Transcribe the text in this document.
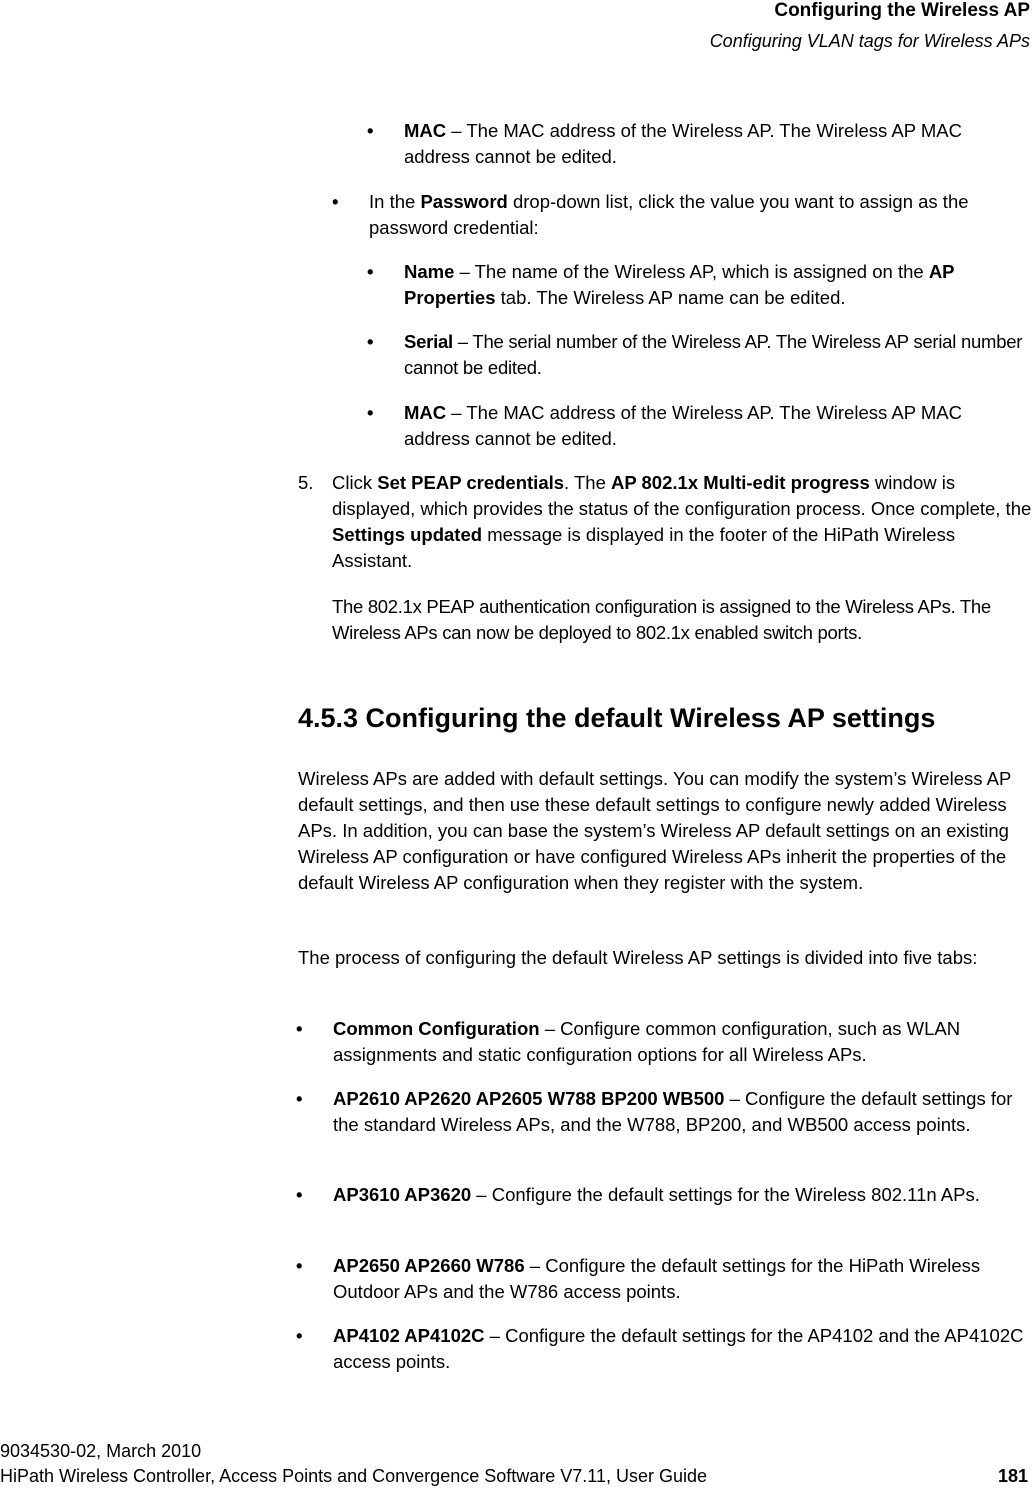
Configuring the Wireless AP
Configuring VLAN tags for Wireless APs
• MAC – The MAC address of the Wireless AP. The Wireless AP MAC address cannot be edited.
• In the Password drop-down list, click the value you want to assign as the password credential:
• Name – The name of the Wireless AP, which is assigned on the AP Properties tab. The Wireless AP name can be edited.
• Serial – The serial number of the Wireless AP. The Wireless AP serial number cannot be edited.
• MAC – The MAC address of the Wireless AP. The Wireless AP MAC address cannot be edited.
5. Click Set PEAP credentials. The AP 802.1x Multi-edit progress window is displayed, which provides the status of the configuration process. Once complete, the Settings updated message is displayed in the footer of the HiPath Wireless Assistant.
The 802.1x PEAP authentication configuration is assigned to the Wireless APs. The Wireless APs can now be deployed to 802.1x enabled switch ports.
4.5.3 Configuring the default Wireless AP settings
Wireless APs are added with default settings. You can modify the system’s Wireless AP default settings, and then use these default settings to configure newly added Wireless APs. In addition, you can base the system’s Wireless AP default settings on an existing Wireless AP configuration or have configured Wireless APs inherit the properties of the default Wireless AP configuration when they register with the system.
The process of configuring the default Wireless AP settings is divided into five tabs:
• Common Configuration – Configure common configuration, such as WLAN assignments and static configuration options for all Wireless APs.
• AP2610 AP2620 AP2605 W788 BP200 WB500 – Configure the default settings for the standard Wireless APs, and the W788, BP200, and WB500 access points.
• AP3610 AP3620 – Configure the default settings for the Wireless 802.11n APs.
• AP2650 AP2660 W786 – Configure the default settings for the HiPath Wireless Outdoor APs and the W786 access points.
• AP4102 AP4102C – Configure the default settings for the AP4102 and the AP4102C access points.
9034530-02, March 2010
HiPath Wireless Controller, Access Points and Convergence Software V7.11, User Guide	181
